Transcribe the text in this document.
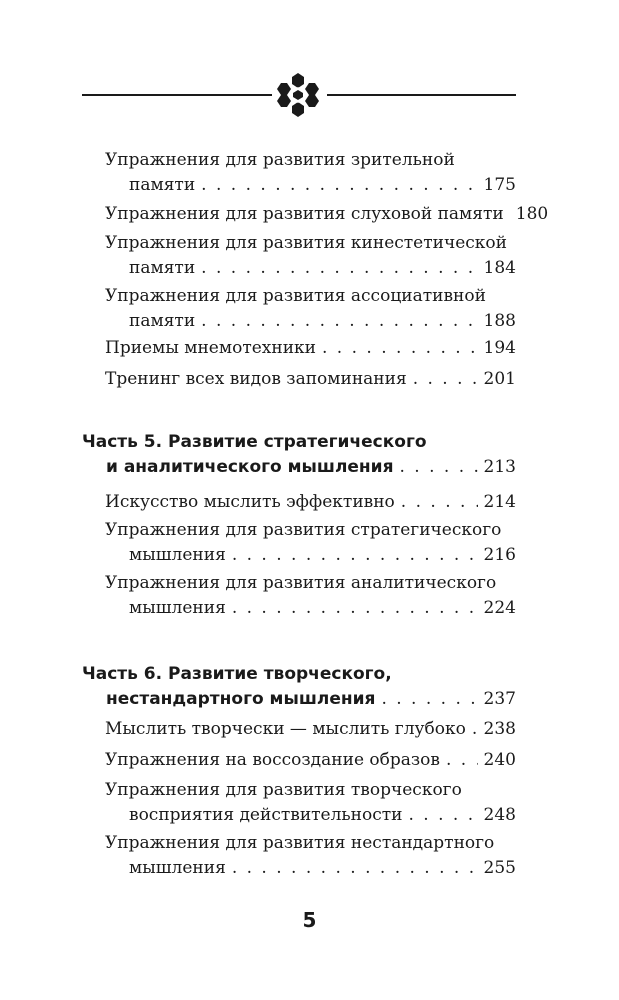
Упражнения для развития зрительной
памяти . . .	175
Упражнения для развития слуховой памяти 180
Упражнения для развития кинестетической
памяти . . .	184
Упражнения для развития ассоциативной
памяти . . .	188
Приемы мнемотехники . . .	194
Тренинг всех видов запоминания . . .	201
Часть 5. Развитие стратегического
и аналитического мышления . . .	213
Искусство мыслить эффективно . . .	214
Упражнения для развития стратегического
мышления . . .	216
Упражнения для развития аналитического
мышления . . .	224
Часть 6. Развитие творческого,
нестандартного мышления . . .	237
Мыслить творчески — мыслить глубоко . . . 238
Упражнения на воссоздание образов . . .	240
Упражнения для развития творческого
восприятия действительности . . .	248
Упражнения для развития нестандартного
мышления . . .	255
5
